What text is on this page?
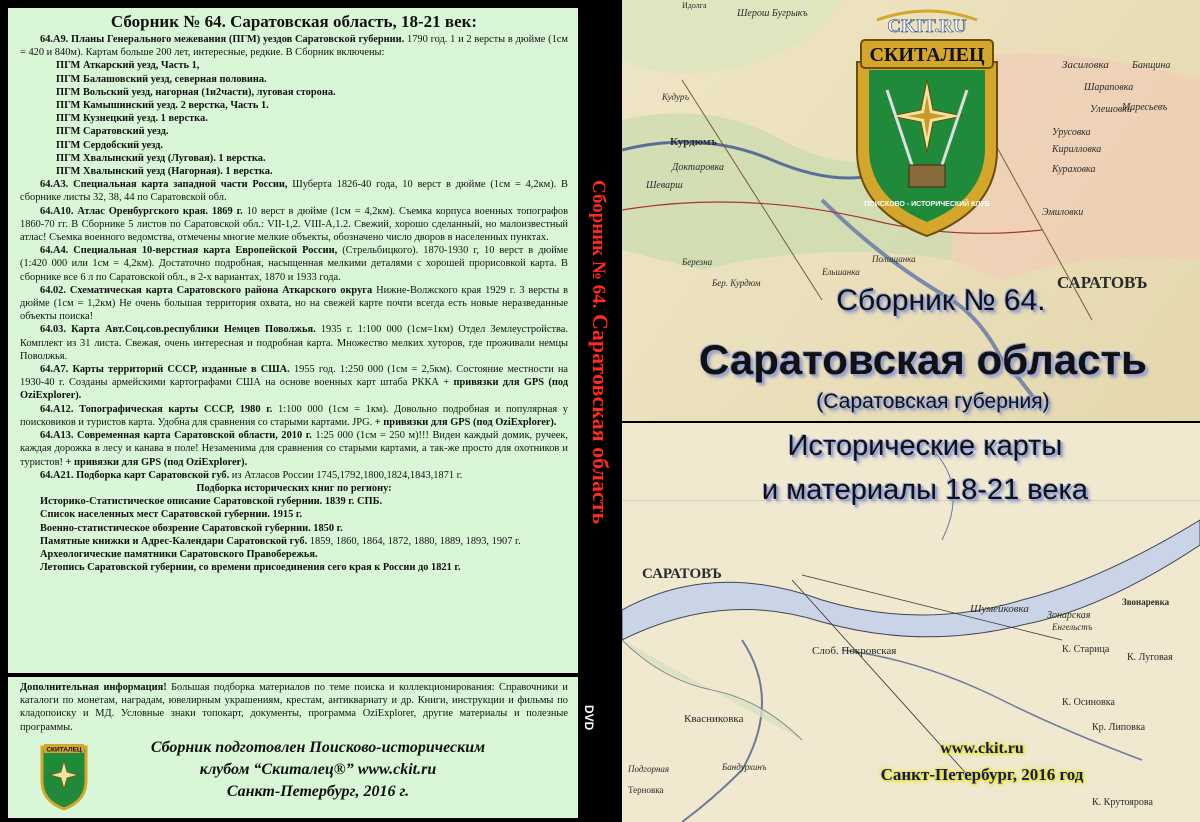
Сборник № 64. Саратовская область, 18-21 век:
64.А9. Планы Генерального межевания (ПГМ) уездов Саратовской губернии. 1790 год. 1 и 2 версты в дюйме (1см = 420 и 840м). Картам больше 200 лет, интересные, редкие. В Сборник включены:
ПГМ Аткарский уезд, Часть 1,
ПГМ Балашовский уезд, северная половина.
ПГМ Вольский уезд, нагорная (1и2части), луговая сторона.
ПГМ Камышинский уезд. 2 верстка, Часть 1.
ПГМ Кузнецкий уезд. 1 верстка.
ПГМ Саратовский уезд.
ПГМ Сердобский уезд.
ПГМ Хвалынский уезд (Луговая). 1 верстка.
ПГМ Хвалынский уезд (Нагорная). 1 верстка.
64.А3. Специальная карта западной части России, Шуберта 1826-40 года, 10 верст в дюйме (1см = 4,2км). В сборнике листы 32, 38, 44 по Саратовской обл.
64.А10. Атлас Оренбургского края. 1869 г. 10 верст в дюйме (1см = 4,2км). Съемка корпуса военных топографов 1860-70 гг. В Сборнике 5 листов по Саратовской обл.: VII-1,2. VIII-A,1.2. Свежий, хорошо сделанный, но малоизвестный атлас! Съемка военного ведомства, отмечены многие мелкие объекты, обозначено число дворов в населенных пунктах.
64.А4. Специальная 10-верстная карта Европейской России, (Стрельбицкого). 1870-1930 г, 10 верст в дюйме (1:420 000 или 1см = 4,2км). Достаточно подробная, насыщенная мелкими деталями с хорошей прорисовкой карта. В сборнике все 6 л по Саратовской обл., в 2-х вариантах, 1870 и 1933 года.
64.02. Схематическая карта Саратовского района Аткарского округа Нижне-Волжского края 1929 г. 3 версты в дюйме (1см = 1,2км) Не очень большая территория охвата, но на свежей карте почти всегда есть новые неразведанные объекты поиска!
64.03. Карта Авт.Соц.сов.республики Немцев Поволжья. 1935 г. 1:100 000 (1см=1км) Отдел Землеустройства. Комплект из 31 листа. Свежая, очень интересная и подробная карта. Множество мелких хуторов, где проживали немцы Поволжья.
64.А7. Карты территорий СССР, изданные в США. 1955 год. 1:250 000 (1см = 2,5км). Состояние местности на 1930-40 г. Созданы армейскими картографами США на основе военных карт штаба РККА + привязки для GPS (под OziExplorer).
64.А12. Топографическая карты СССР, 1980 г. 1:100 000 (1см = 1км). Довольно подробная и популярная у поисковиков и туристов карта. Удобна для сравнения со старыми картами. JPG. + привязки для GPS (под OziExplorer).
64.А13. Современная карта Саратовской области, 2010 г. 1:25 000 (1см = 250 м)!!! Виден каждый домик, ручеек, каждая дорожка в лесу и канава в поле! Незаменима для сравнения со старыми картами, а так-же просто для охотников и туристов! + привязки для GPS (под OziExplorer).
64.А21. Подборка карт Саратовской губ. из Атласов России 1745,1792,1800,1824,1843,1871 г.
Подборка исторических книг по региону:
Историко-Статистическое описание Саратовской губернии. 1839 г. СПБ.
Список населенных мест Саратовской губернии. 1915 г.
Военно-статистическое обозрение Саратовской губернии. 1850 г.
Памятные книжки и Адрес-Календари Саратовской губ. 1859, 1860, 1864, 1872, 1880, 1889, 1893, 1907 г.
Археологические памятники Саратовского Правобережья.
Летопись Саратовской губернии, со времени присоединения сего края к России до 1821 г.
Дополнительная информация! Большая подборка материалов по теме поиска и коллекционирования: Справочники и каталоги по монетам, наградам, ювелирным украшениям, крестам, антиквариату и др. Книги, инструкции и фильмы по кладопоиску и МД. Условные знаки топокарт, документы, программа OziExplorer, другие материалы и полезные программы.
СКИТАЛЕЦ	Сборник подготовлен Поисково-историческим
клубом “Скиталец®” www.ckit.ru
Санкт-Петербург, 2016 г.
Сборник № 64. Саратовская область
DVD
Шерош Бугрыкъ
Идолга
Засиловка Банщина
Кудуръ
Шараповка
Урусовка
Маресьевъ
Курдюмъ
Улешовки
Доктаровка
Кирилловка
Шеварш
Кураховка
Эмиловки
Ельшанка
Полищанка
Березна
САРАТОВЪ
Бер. Курдюм
САРАТОВЪ
Шумейковка
Слоб. Покровская
Квасниковка
Зонарская
Енгельстъ
К. Старица
К. Луговая
К. Осиновка
Кр. Липовка
К. Крутоярова
Подгорная
Терновка
Бандурхинъ
Звонаревка
СКИТАЛЕЦ
CKIT.RU
ПОИСКОВО - ИСТОРИЧЕСКИЙ КЛУБ
Сборник № 64.
Саратовская область
(Саратовская губерния)
Исторические карты
и материалы 18-21 века
www.ckit.ru
Санкт-Петербург, 2016 год
